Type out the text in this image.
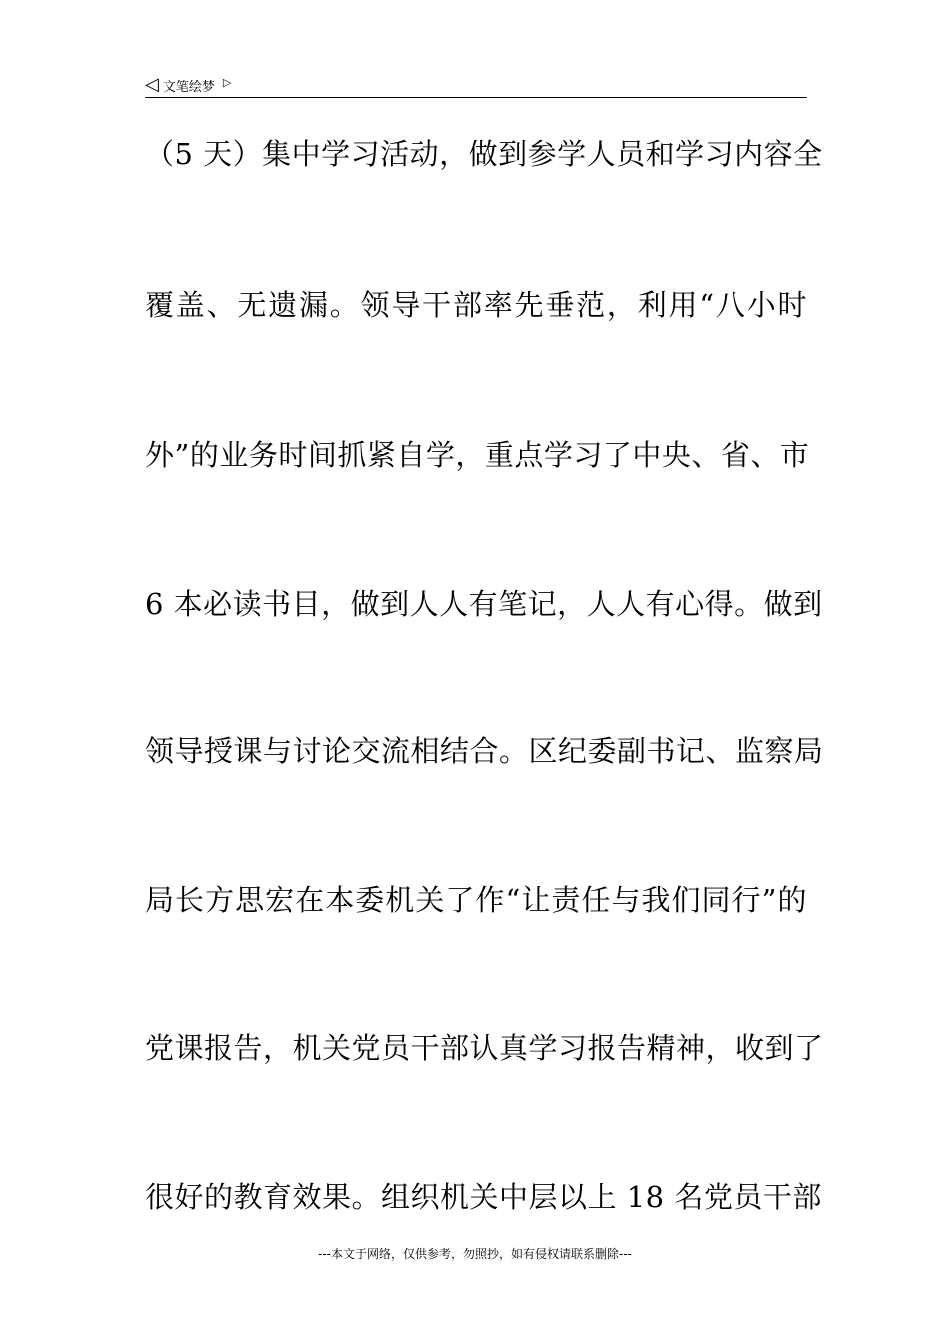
◁ 文笔绘梦 ▷
（5 天）集中学习活动，做到参学人员和学习内容全
覆盖、无遗漏。领导干部率先垂范，利用“八小时
外”的业务时间抓紧自学，重点学习了中央、省、市
6 本必读书目，做到人人有笔记，人人有心得。做到
领导授课与讨论交流相结合。区纪委副书记、监察局
局长方思宏在本委机关了作“让责任与我们同行”的
党课报告，机关党员干部认真学习报告精神，收到了
很好的教育效果。组织机关中层以上 18 名党员干部
---本文于网络，仅供参考，勿照抄，如有侵权请联系删除---
